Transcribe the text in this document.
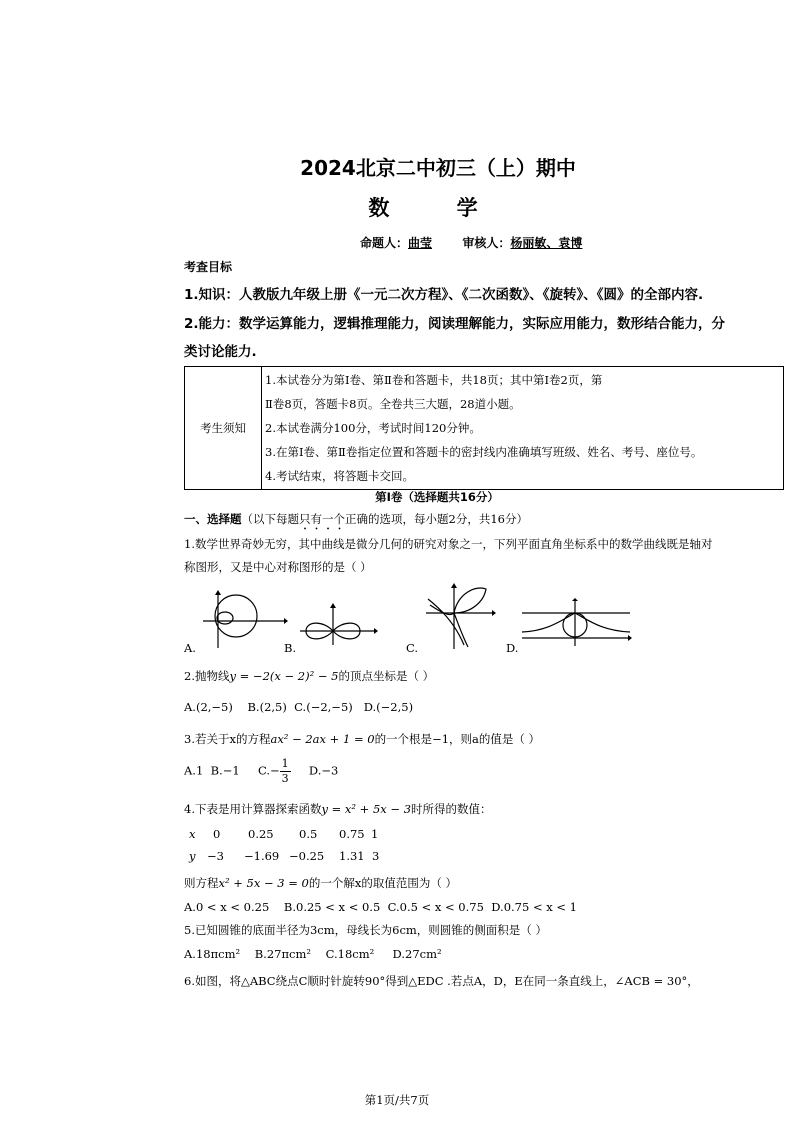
2024北京二中初三（上）期中
数 学
命题人：曲莹	审核人：杨丽敏、袁博
考查目标
1.知识：人教版九年级上册《一元二次方程》、《二次函数》、《旋转》、《圆》的全部内容.
2.能力：数学运算能力，逻辑推理能力，阅读理解能力，实际应用能力，数形结合能力，分
类讨论能力.
考生须知	
1.本试卷分为第Ⅰ卷、第Ⅱ卷和答题卡，共18页；其中第Ⅰ卷2页，第
Ⅱ卷8页，答题卡8页。全卷共三大题，28道小题。
2.本试卷满分100分，考试时间120分钟。
3.在第Ⅰ卷、第Ⅱ卷指定位置和答题卡的密封线内准确填写班级、姓名、考号、座位号。
4.考试结束，将答题卡交回。
第Ⅰ卷（选择题共16分）
一、选择题（以下每题只有一个正确的选项，每小题2分，共16分）
1.数学世界奇妙无穷，其中曲线是微分几何的研究对象之一，下列平面直角坐标系中的数学曲线既是轴对
称图形，又是中心对称图形的是（ ）
A.	B.	C.	D.
2.抛物线y = −2(x − 2)² − 5的顶点坐标是（ ）
A.(2,−5) B.(2,5) C.(−2,−5) D.(−2,5)
3.若关于x的方程ax² − 2ax + 1 = 0的一个根是−1，则a的值是（ ）
A.1 B.−1 $C.- \frac{1}{3} D.-3$
4.下表是用计算器探索函数y = x² + 5x − 3时所得的数值：
x 0 0.25 0.5 0.75 1
y −3 −1.69 −0.25 1.31 3
则方程x² + 5x − 3 = 0的一个解x的取值范围为（ ）
A.0 < x < 0.25 B.0.25 < x < 0.5 C.0.5 < x < 0.75 D.0.75 < x < 1
5.已知圆锥的底面半径为3cm，母线长为6cm，则圆锥的侧面积是（ ）
A.18πcm² B.27πcm² C.18cm² D.27cm²
6.如图，将△ABC绕点C顺时针旋转90°得到△EDC .若点A，D，E在同一条直线上，∠ACB = 30°，
第1页/共7页
